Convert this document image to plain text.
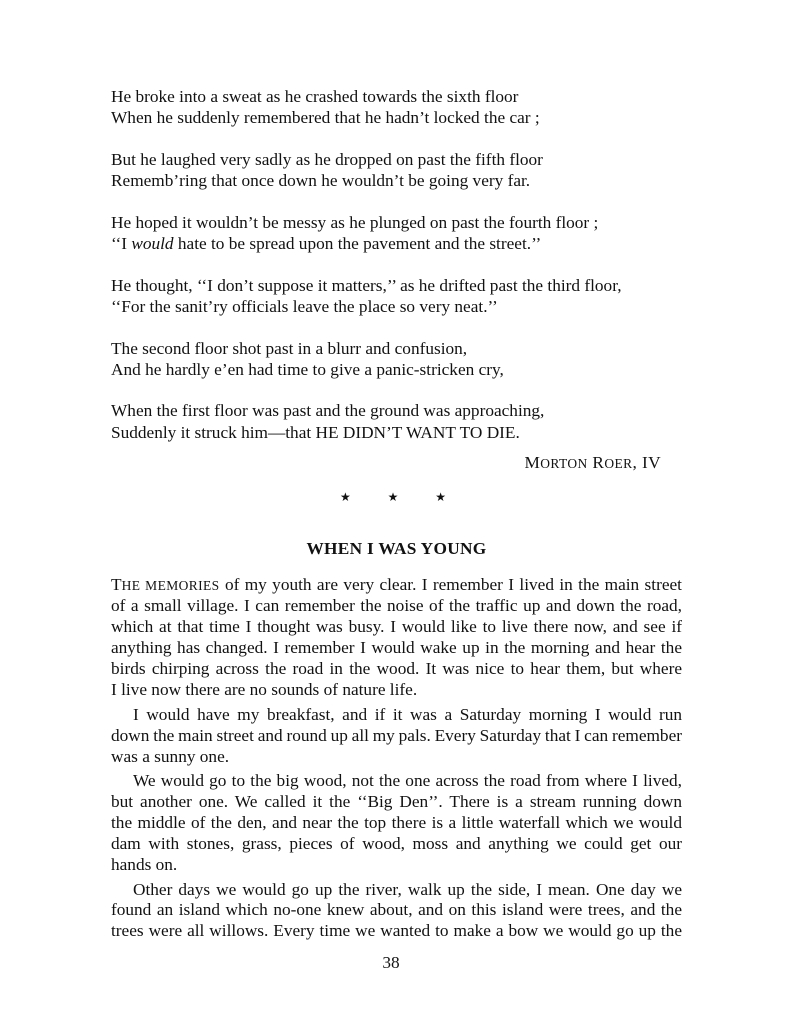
He broke into a sweat as he crashed towards the sixth floor
When he suddenly remembered that he hadn’t locked the car ;
But he laughed very sadly as he dropped on past the fifth floor
Rememb’ring that once down he wouldn’t be going very far.
He hoped it wouldn’t be messy as he plunged on past the fourth floor ;
‘‘I would hate to be spread upon the pavement and the street.’’
He thought, ‘‘I don’t suppose it matters,’’ as he drifted past the third floor,
‘‘For the sanit’ry officials leave the place so very neat.’’
The second floor shot past in a blurr and confusion,
And he hardly e’en had time to give a panic-stricken cry,
When the first floor was past and the ground was approaching,
Suddenly it struck him—that HE DIDN’T WANT TO DIE.
MORTON ROER, IV
★	★	★
WHEN I WAS YOUNG
THE MEMORIES of my youth are very clear. I remember I lived in the main street
of a small village. I can remember the noise of the traffic up and down the road,
which at that time I thought was busy. I would like to live there now, and see if
anything has changed. I remember I would wake up in the morning and hear the
birds chirping across the road in the wood. It was nice to hear them, but where
I live now there are no sounds of nature life.
I would have my breakfast, and if it was a Saturday morning I would run
down the main street and round up all my pals. Every Saturday that I can remember
was a sunny one.
We would go to the big wood, not the one across the road from where I lived,
but another one. We called it the ‘‘Big Den’’. There is a stream running down
the middle of the den, and near the top there is a little waterfall which we would
dam with stones, grass, pieces of wood, moss and anything we could get our
hands on.
Other days we would go up the river, walk up the side, I mean. One day we
found an island which no-one knew about, and on this island were trees, and the
trees were all willows. Every time we wanted to make a bow we would go up the
38
